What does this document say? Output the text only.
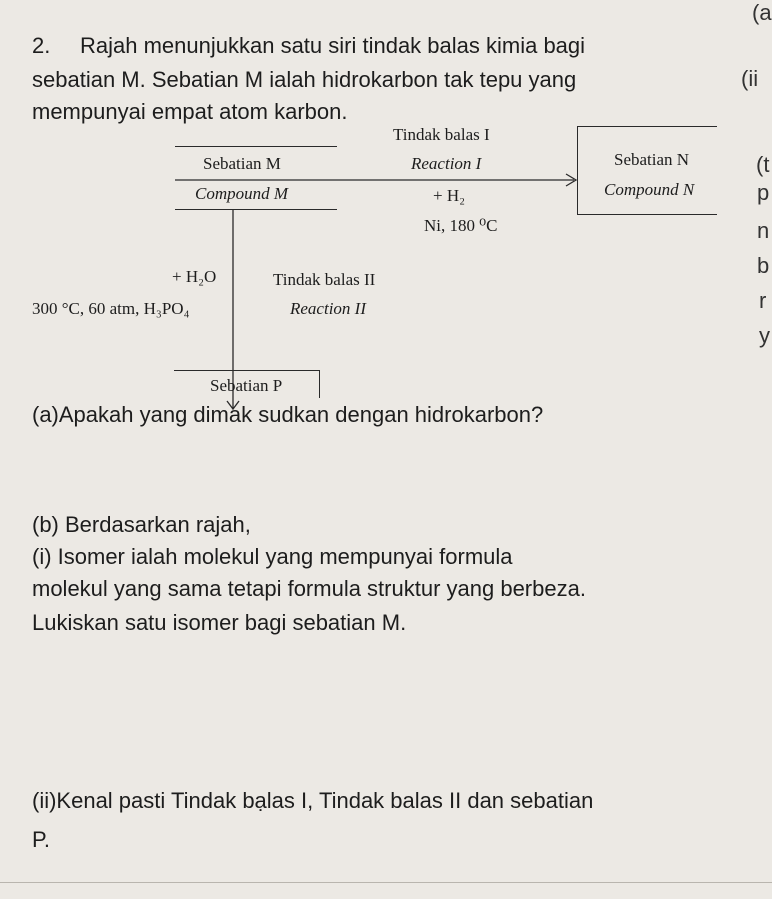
2. Rajah menunjukkan satu siri tindak balas kimia bagi
sebatian M. Sebatian M ialah hidrokarbon tak tepu yang
mempunyai empat atom karbon.
Sebatian M
Compound M
Tindak balas I
Reaction I
+ H₂
Ni, 180 ⁰C
Sebatian N
Compound N
+ H₂O	Tindak balas II
300 °C, 60 atm, H₃PO₄	Reaction II
Sebatian P
(a)Apakah yang dimak sudkan dengan hidrokarbon?
(b) Berdasarkan rajah,
(i) Isomer ialah molekul yang mempunyai formula
molekul yang sama tetapi formula struktur yang berbeza.
Lukiskan satu isomer bagi sebatian M.
(ii)Kenal pasti Tindak bạlas I, Tindak balas II dan sebatian
P.
(a
(ii
(t
p
n
b
r
y
